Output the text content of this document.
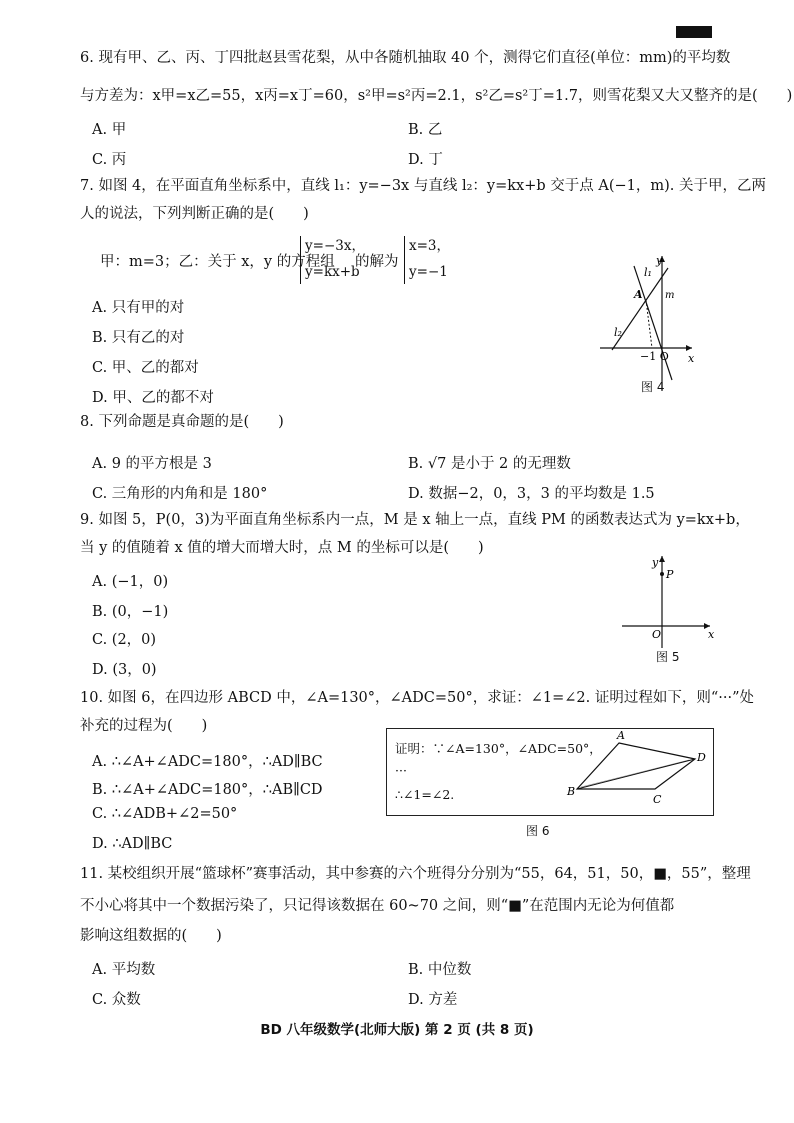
6. 现有甲、乙、丙、丁四批赵县雪花梨，从中各随机抽取 40 个，测得它们直径(单位：mm)的平均数
与方差为：x甲=x乙=55，x丙=x丁=60，s²甲=s²丙=2.1，s²乙=s²丁=1.7，则雪花梨又大又整齐的是(　　)
A. 甲	B. 乙
C. 丙	D. 丁
7. 如图 4，在平面直角坐标系中，直线 l₁：y=−3x 与直线 l₂：y=kx+b 交于点 A(−1，m). 关于甲，乙两
人的说法，下列判断正确的是(　　)
甲：m=3；乙：关于 x，y 的方程组
y=−3x，
y=kx+b
的解为
x=3，
y=−1
A. 只有甲的对
B. 只有乙的对
C. 甲、乙的都对
D. 甲、乙的都不对
y
x
l₁
l₂
A m
−1 O
图 4
8. 下列命题是真命题的是(　　)
A. 9 的平方根是 3	B. √7 是小于 2 的无理数
C. 三角形的内角和是 180°	D. 数据−2，0，3，3 的平均数是 1.5
9. 如图 5，P(0，3)为平面直角坐标系内一点，M 是 x 轴上一点，直线 PM 的函数表达式为 y=kx+b，
当 y 的值随着 x 值的增大而增大时，点 M 的坐标可以是(　　)
A. (−1，0)
B. (0，−1)
C. (2，0)
D. (3，0)
y
P
O	x
图 5
10. 如图 6，在四边形 ABCD 中，∠A=130°，∠ADC=50°，求证：∠1=∠2. 证明过程如下，则“···”处
补充的过程为(　　)
A. ∴∠A+∠ADC=180°，∴AD∥BC
B. ∴∠A+∠ADC=180°，∴AB∥CD
C. ∴∠ADB+∠2=50°
D. ∴AD∥BC
证明：∵∠A=130°，∠ADC=50°，
···
∴∠1=∠2.
A
D
B
C
图 6
11. 某校组织开展“篮球杯”赛事活动，其中参赛的六个班得分分别为“55，64，51，50，■，55”，整理
不小心将其中一个数据污染了，只记得该数据在 60~70 之间，则“■”在范围内无论为何值都
影响这组数据的(　　)
A. 平均数	B. 中位数
C. 众数	D. 方差
BD 八年级数学(北师大版) 第 2 页 (共 8 页)
